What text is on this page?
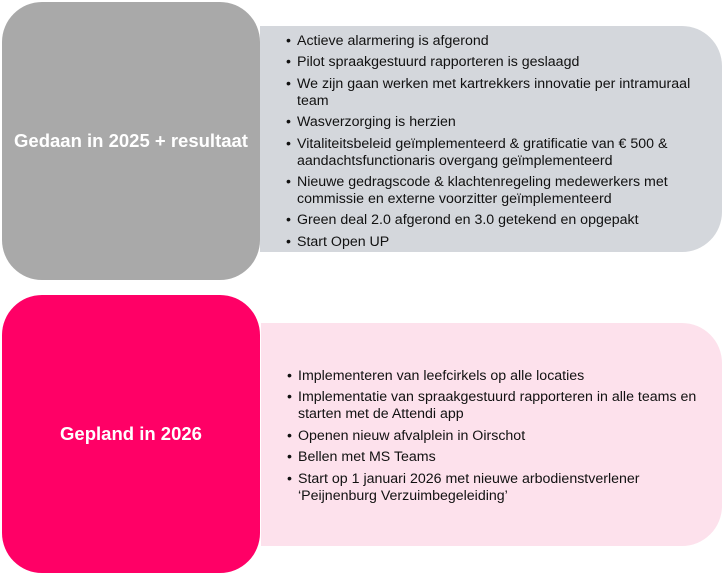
Gedaan in 2025 + resultaat
• Actieve alarmering is afgerond
• Pilot spraakgestuurd rapporteren is geslaagd
• We zijn gaan werken met kartrekkers innovatie per intramuraal team
• Wasverzorging is herzien
• Vitaliteitsbeleid geïmplementeerd & gratificatie van € 500 & aandachtsfunctionaris overgang geïmplementeerd
• Nieuwe gedragscode & klachtenregeling medewerkers met commissie en externe voorzitter geïmplementeerd
• Green deal 2.0 afgerond en 3.0 getekend en opgepakt
• Start Open UP
Gepland in 2026
• Implementeren van leefcirkels op alle locaties
• Implementatie van spraakgestuurd rapporteren in alle teams en starten met de Attendi app
• Openen nieuw afvalplein in Oirschot
• Bellen met MS Teams
• Start op 1 januari 2026 met nieuwe arbodienstverlener ‘Peijnenburg Verzuimbegeleiding’
